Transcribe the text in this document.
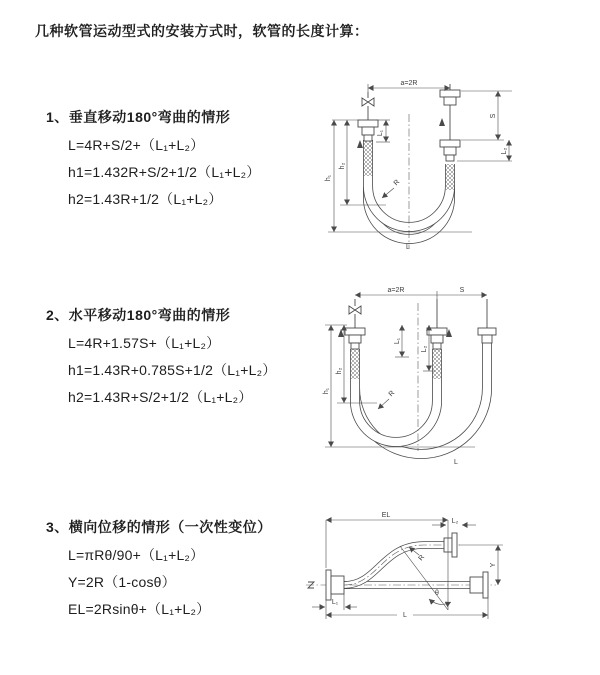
几种软管运动型式的安装方式时，软管的长度计算：
1、垂直移动180°弯曲的情形
L=4R+S/2+（L₁+L₂）
h1=1.432R+S/2+1/2（L₁+L₂）
h2=1.43R+1/2（L₁+L₂）
2、水平移动180°弯曲的情形
L=4R+1.57S+（L₁+L₂）
h1=1.43R+0.785S+1/2（L₁+L₂）
h2=1.43R+S/2+1/2（L₁+L₂）
3、横向位移的情形（一次性变位）
L=πRθ/90+（L₁+L₂）
Y=2R（1-cosθ）
EL=2Rsinθ+（L₁+L₂）
a=2R
L₁
h₁
h₂
S
L₂
R
L
a=2R	S
h₁
h₂
L₁
L₂
R
L
θ
EL
L₂
Y
R
L₁
L
